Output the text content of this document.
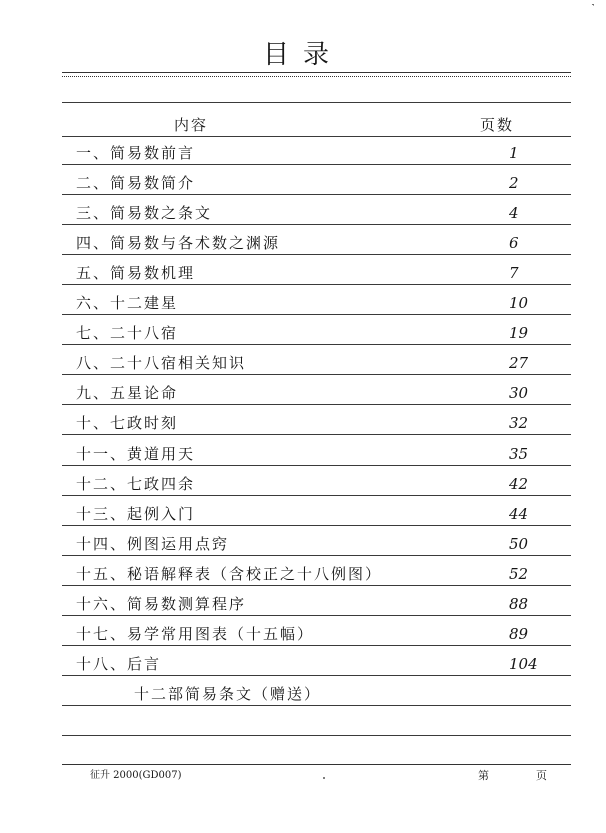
˺
目录
内容	页数
一、简易数前言	1
二、简易数简介	2
三、简易数之条文	4
四、简易数与各术数之渊源	6
五、简易数机理	7
六、十二建星	10
七、二十八宿	19
八、二十八宿相关知识	27
九、五星论命	30
十、七政时刻	32
十一、黄道用天	35
十二、七政四余	42
十三、起例入门	44
十四、例图运用点窍	50
十五、秘语解释表（含校正之十八例图）	52
十六、简易数测算程序	88
十七、易学常用图表（十五幅）	89
十八、后言	104
十二部简易条文（赠送）
征升 2000(GD007)	第	页
